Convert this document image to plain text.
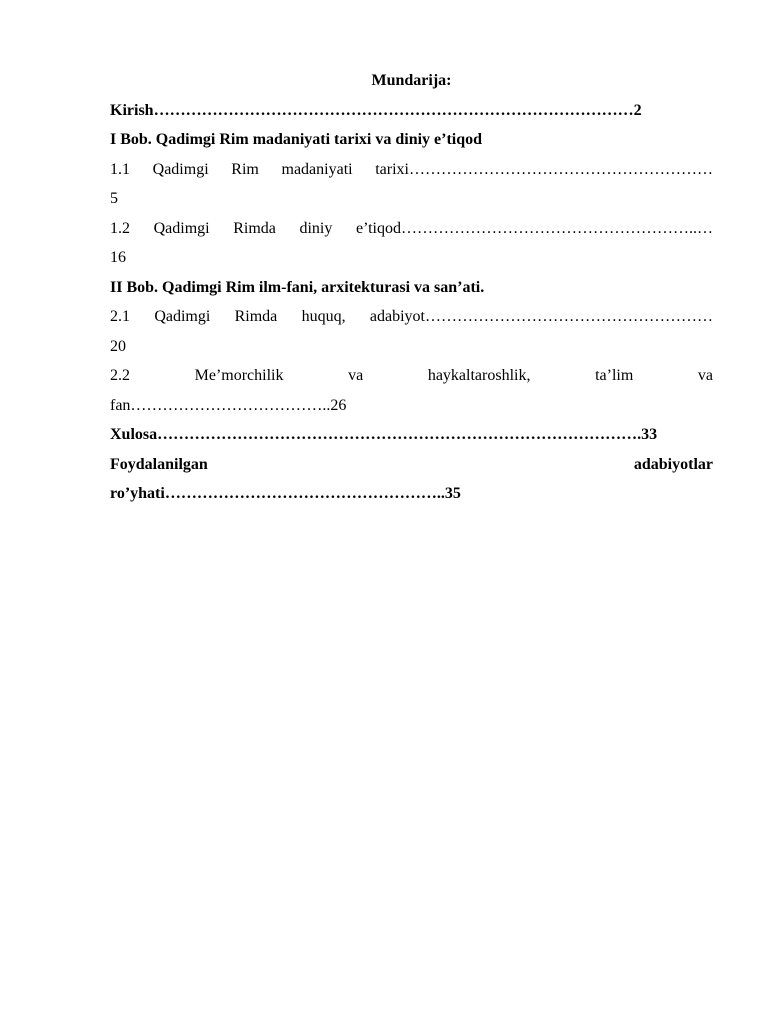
Mundarija:
Kirish………………………………………………………………………………2
I Bob. Qadimgi Rim madaniyati tarixi va diniy e’tiqod
1.1 Qadimgi Rim madaniyati tarixi…………………………………………………
5
1.2 Qadimgi Rimda diniy e’tiqod………………………………………………..…
16
II Bob. Qadimgi Rim ilm-fani, arxitekturasi va san’ati.
2.1 Qadimgi Rimda huquq, adabiyot………………………………………………
20
2.2	Me’morchilik	va	haykaltaroshlik,	ta’lim	va
fan………………………………..26
Xulosa……………………………………………………………………………….33
Foydalanilgan	adabiyotlar
ro’yhati……………………………………………..35
